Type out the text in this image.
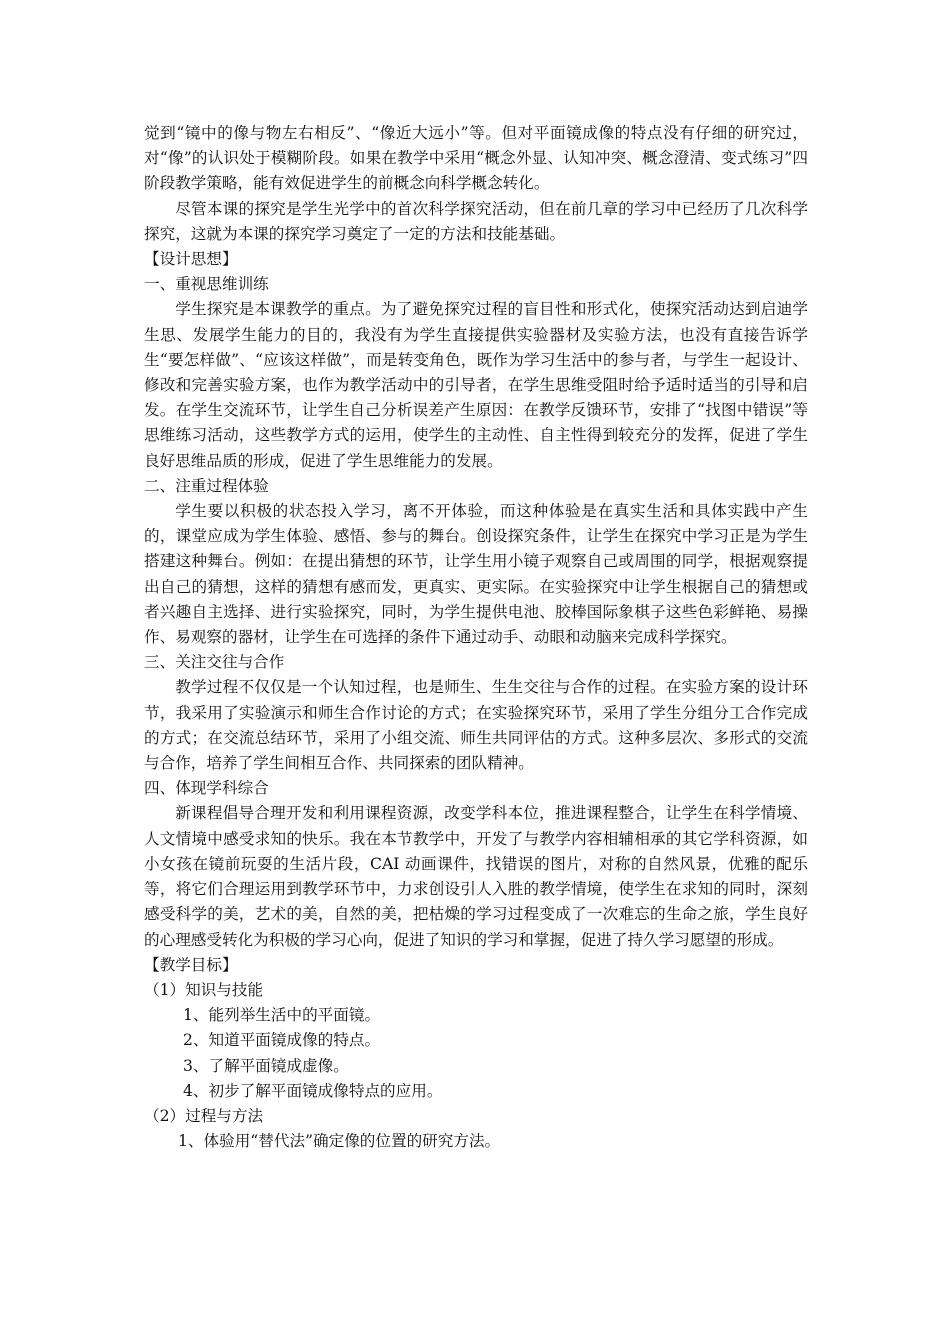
觉到“镜中的像与物左右相反”、“像近大远小”等。但对平面镜成像的特点没有仔细的研究过，对“像”的认识处于模糊阶段。如果在教学中采用“概念外显、认知冲突、概念澄清、变式练习”四阶段教学策略，能有效促进学生的前概念向科学概念转化。

尽管本课的探究是学生光学中的首次科学探究活动，但在前几章的学习中已经历了几次科学探究，这就为本课的探究学习奠定了一定的方法和技能基础。

【设计思想】

一、重视思维训练

学生探究是本课教学的重点。为了避免探究过程的盲目性和形式化，使探究活动达到启迪学生思、发展学生能力的目的，我没有为学生直接提供实验器材及实验方法，也没有直接告诉学生“要怎样做”、“应该这样做”，而是转变角色，既作为学习生活中的参与者，与学生一起设计、修改和完善实验方案，也作为教学活动中的引导者，在学生思维受阻时给予适时适当的引导和启发。在学生交流环节，让学生自己分析误差产生原因：在教学反馈环节，安排了“找图中错误”等思维练习活动，这些教学方式的运用，使学生的主动性、自主性得到较充分的发挥，促进了学生良好思维品质的形成，促进了学生思维能力的发展。

二、注重过程体验

学生要以积极的状态投入学习，离不开体验，而这种体验是在真实生活和具体实践中产生的，课堂应成为学生体验、感悟、参与的舞台。创设探究条件，让学生在探究中学习正是为学生搭建这种舞台。例如：在提出猜想的环节，让学生用小镜子观察自己或周围的同学，根据观察提出自己的猜想，这样的猜想有感而发，更真实、更实际。在实验探究中让学生根据自己的猜想或者兴趣自主选择、进行实验探究，同时，为学生提供电池、胶棒国际象棋子这些色彩鲜艳、易操作、易观察的器材，让学生在可选择的条件下通过动手、动眼和动脑来完成科学探究。

三、关注交往与合作

教学过程不仅仅是一个认知过程，也是师生、生生交往与合作的过程。在实验方案的设计环节，我采用了实验演示和师生合作讨论的方式；在实验探究环节，采用了学生分组分工合作完成的方式；在交流总结环节，采用了小组交流、师生共同评估的方式。这种多层次、多形式的交流与合作，培养了学生间相互合作、共同探索的团队精神。

四、体现学科综合

新课程倡导合理开发和利用课程资源，改变学科本位，推进课程整合，让学生在科学情境、人文情境中感受求知的快乐。我在本节教学中，开发了与教学内容相辅相承的其它学科资源，如小女孩在镜前玩耍的生活片段，CAI 动画课件，找错误的图片，对称的自然风景，优雅的配乐等，将它们合理运用到教学环节中，力求创设引人入胜的教学情境，使学生在求知的同时，深刻感受科学的美，艺术的美，自然的美，把枯燥的学习过程变成了一次难忘的生命之旅，学生良好的心理感受转化为积极的学习心向，促进了知识的学习和掌握，促进了持久学习愿望的形成。

【教学目标】

（1）知识与技能

1、能列举生活中的平面镜。

2、知道平面镜成像的特点。

3、了解平面镜成虚像。

4、初步了解平面镜成像特点的应用。

（2）过程与方法

1、体验用“替代法”确定像的位置的研究方法。
